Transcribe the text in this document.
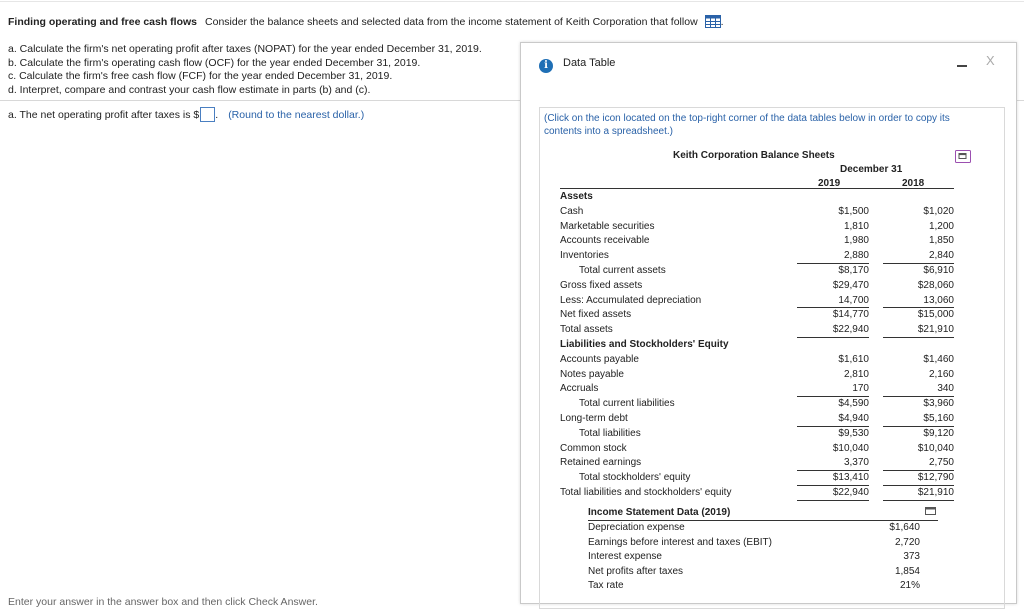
Finding operating and free cash flows Consider the balance sheets and selected data from the income statement of Keith Corporation that follow .
a. Calculate the firm's net operating profit after taxes (NOPAT) for the year ended December 31, 2019.
b. Calculate the firm's operating cash flow (OCF) for the year ended December 31, 2019.
c. Calculate the firm's free cash flow (FCF) for the year ended December 31, 2019.
d. Interpret, compare and contrast your cash flow estimate in parts (b) and (c).
a. The net operating profit after taxes is $ . (Round to the nearest dollar.)
Enter your answer in the answer box and then click Check Answer.
i Data Table	X
(Click on the icon located on the top-right corner of the data tables below in order to copy its contents into a spreadsheet.)
Keith Corporation Balance Sheets
December 31
2019	2018
Assets
Cash	$1,500	$1,020
Marketable securities	1,810	1,200
Accounts receivable	1,980	1,850
Inventories	2,880	2,840
Total current assets	$8,170	$6,910
Gross fixed assets	$29,470	$28,060
Less: Accumulated depreciation	14,700	13,060
Net fixed assets	$14,770	$15,000
Total assets	$22,940	$21,910
Liabilities and Stockholders' Equity
Accounts payable	$1,610	$1,460
Notes payable	2,810	2,160
Accruals	170	340
Total current liabilities	$4,590	$3,960
Long-term debt	$4,940	$5,160
Total liabilities	$9,530	$9,120
Common stock	$10,040	$10,040
Retained earnings	3,370	2,750
Total stockholders' equity	$13,410	$12,790
Total liabilities and stockholders' equity	$22,940	$21,910
Income Statement Data (2019)
Depreciation expense	$1,640
Earnings before interest and taxes (EBIT)	2,720
Interest expense	373
Net profits after taxes	1,854
Tax rate	21%
